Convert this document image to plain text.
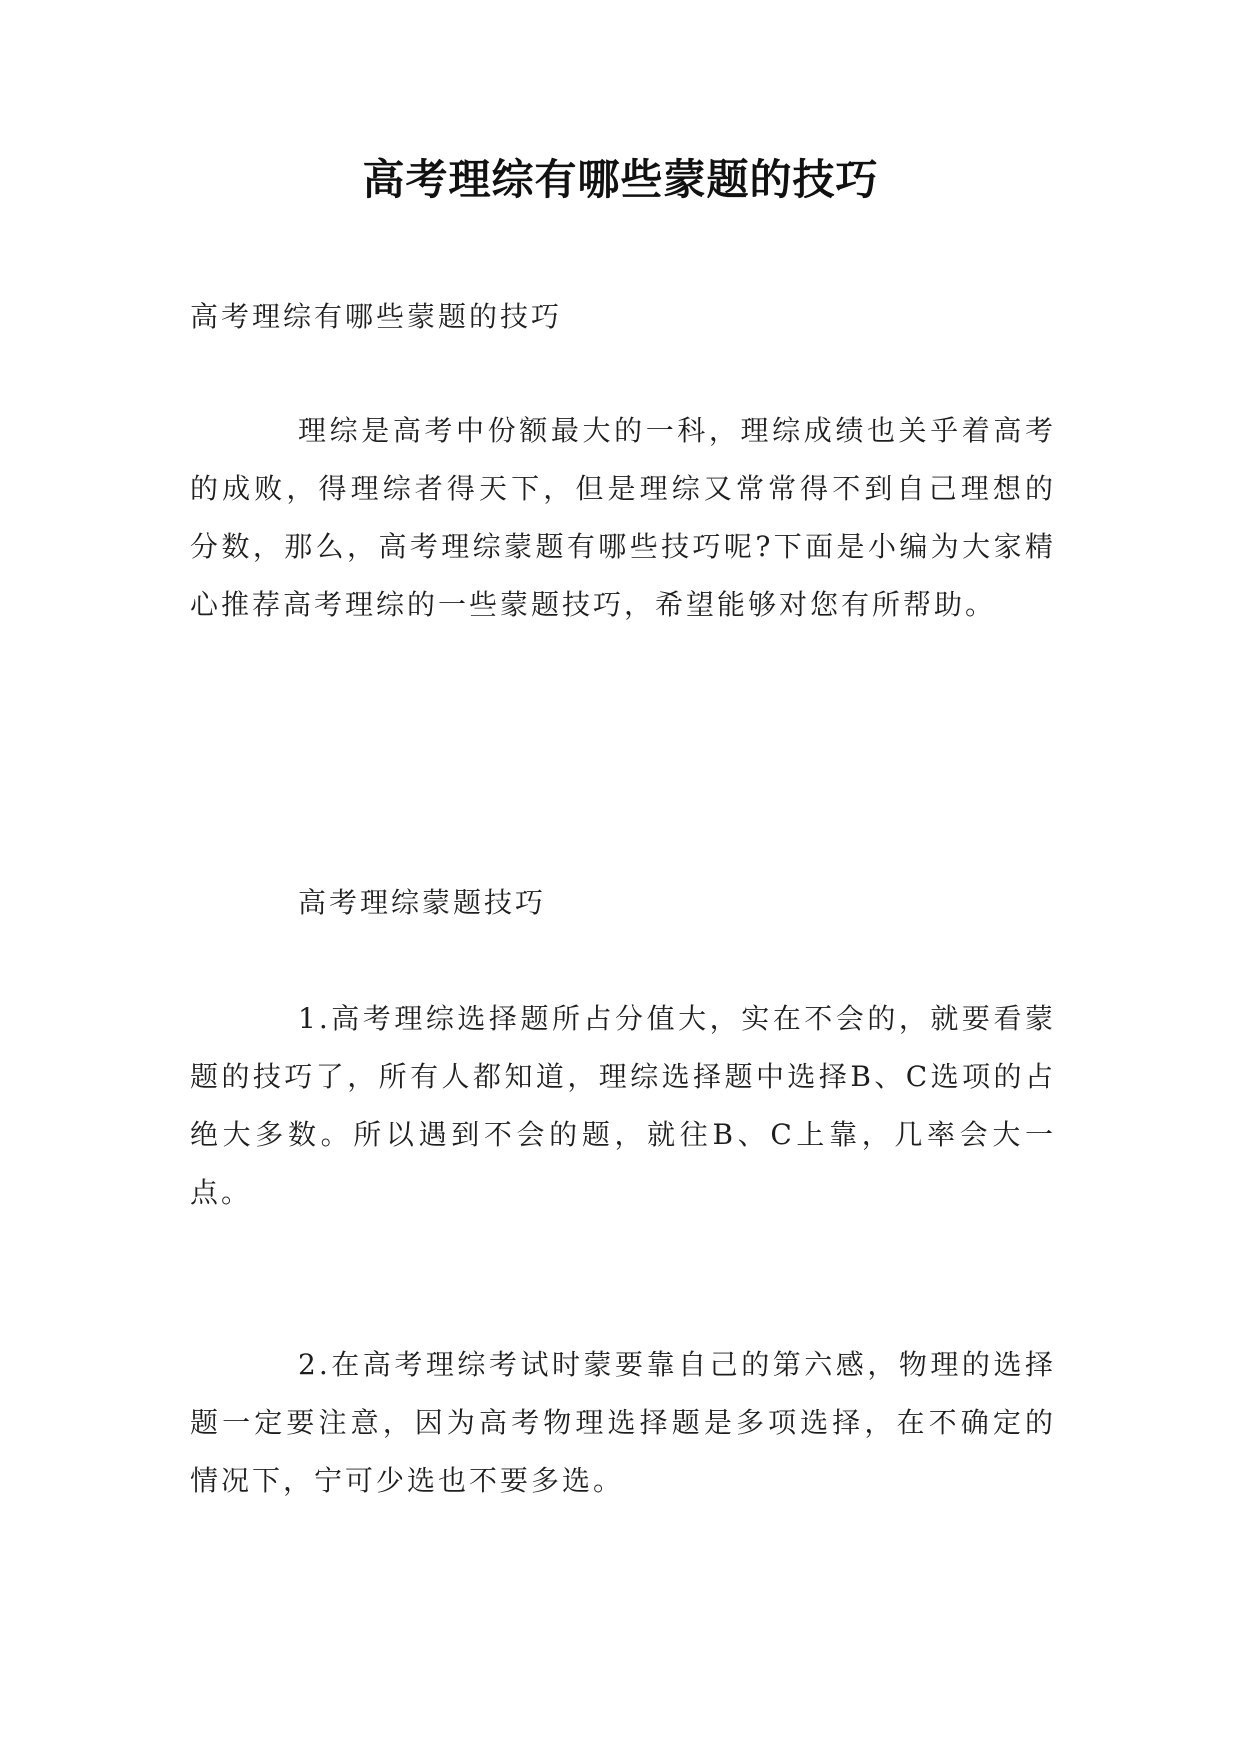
高考理综有哪些蒙题的技巧

高考理综有哪些蒙题的技巧

理综是高考中份额最大的一科，理综成绩也关乎着高考的成败，得理综者得天下，但是理综又常常得不到自己理想的分数，那么，高考理综蒙题有哪些技巧呢?下面是小编为大家精心推荐高考理综的一些蒙题技巧，希望能够对您有所帮助。

高考理综蒙题技巧

1.高考理综选择题所占分值大，实在不会的，就要看蒙题的技巧了，所有人都知道，理综选择题中选择B、C选项的占绝大多数。所以遇到不会的题，就往B、C上靠，几率会大一点。

2.在高考理综考试时蒙要靠自己的第六感，物理的选择题一定要注意，因为高考物理选择题是多项选择，在不确定的情况下，宁可少选也不要多选。
